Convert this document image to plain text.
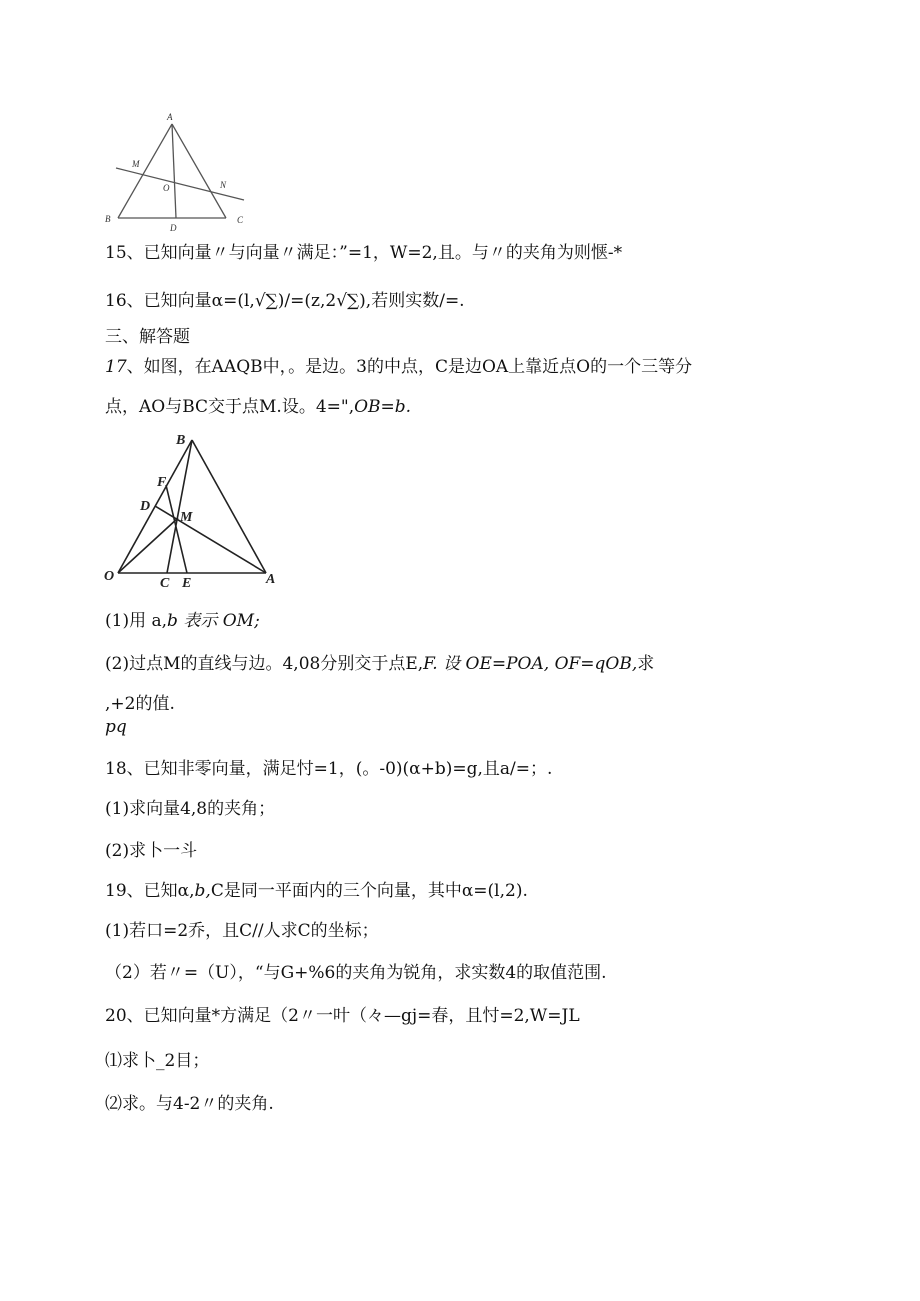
A
M
O	N
B
D
C
15、已知向量〃与向量〃满足：”=1，W=2,且。与〃的夹角为则惬-*
16、已知向量α=(l,√∑)/=(z,2√∑),若则实数/=.
三、解答题
17、如图，在AAQB中，。是边。3的中点，C是边OA上靠近点O的一个三等分
点，AO与BC交于点M.设。4=",OB=b.
B
F
D
M
O	C E	A
(1)用 a,b 表示 OM;
(2)过点M的直线与边。4,08分别交于点E,F. 设 OE=POA, OF=qOB,求
,+2的值.
pq
18、已知非零向量，满足忖=1，(。-0)(α+b)=g,且a/=；.
(1)求向量4,8的夹角；
(2)求卜一斗
19、已知α,b,C是同一平面内的三个向量，其中α=(l,2).
(1)若口=2乔，且C//人求C的坐标；
（2）若〃=（U），“与G+%6的夹角为锐角，求实数4的取值范围.
20、已知向量*方满足（2〃一叶（々—gj=春，且忖=2,W=JL
⑴求卜_2目；
⑵求。与4-2〃的夹角.
